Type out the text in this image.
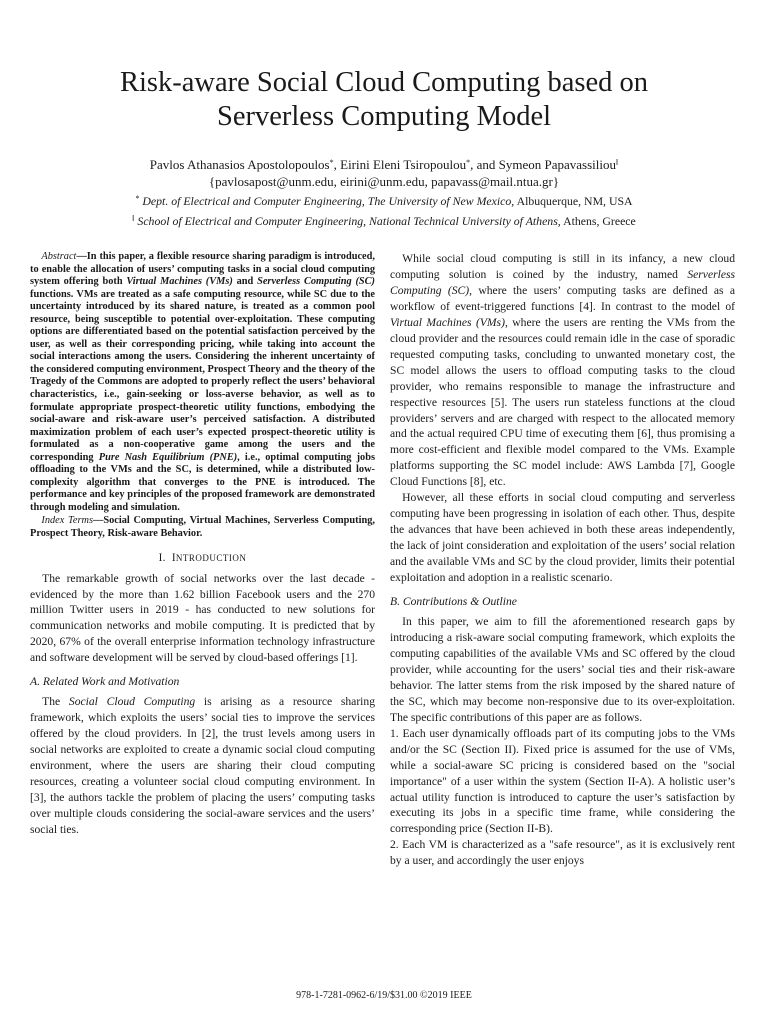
Risk-aware Social Cloud Computing based on
Serverless Computing Model
Pavlos Athanasios Apostolopoulos*, Eirini Eleni Tsiropoulou*, and Symeon Papavassiliou‖
{pavlosapost@unm.edu, eirini@unm.edu, papavass@mail.ntua.gr}
* Dept. of Electrical and Computer Engineering, The University of New Mexico, Albuquerque, NM, USA
‖ School of Electrical and Computer Engineering, National Technical University of Athens, Athens, Greece

Abstract—In this paper, a flexible resource sharing paradigm is introduced, to enable the allocation of users’ computing tasks in a social cloud computing system offering both Virtual Machines (VMs) and Serverless Computing (SC) functions. VMs are treated as a safe computing resource, while SC due to the uncertainty introduced by its shared nature, is treated as a common pool resource, being susceptible to potential over-exploitation. These computing options are differentiated based on the potential satisfaction perceived by the user, as well as their corresponding pricing, while taking into account the social interactions among the users. Considering the inherent uncertainty of the considered computing environment, Prospect Theory and the theory of the Tragedy of the Commons are adopted to properly reflect the users’ behavioral characteristics, i.e., gain-seeking or loss-averse behavior, as well as to formulate appropriate prospect-theoretic utility functions, embodying the social-aware and risk-aware user’s perceived satisfaction. A distributed maximization problem of each user’s expected prospect-theoretic utility is formulated as a non-cooperative game among the users and the corresponding Pure Nash Equilibrium (PNE), i.e., optimal computing jobs offloading to the VMs and the SC, is determined, while a distributed low-complexity algorithm that converges to the PNE is introduced. The performance and key principles of the proposed framework are demonstrated through modeling and simulation.

Index Terms—Social Computing, Virtual Machines, Serverless Computing, Prospect Theory, Risk-aware Behavior.

I. INTRODUCTION

The remarkable growth of social networks over the last decade - evidenced by the more than 1.62 billion Facebook users and the 270 million Twitter users in 2019 - has conducted to new solutions for communication networks and mobile computing. It is predicted that by 2020, 67% of the overall enterprise information technology infrastructure and software development will be served by cloud-based offerings [1].

A. Related Work and Motivation

The Social Cloud Computing is arising as a resource sharing framework, which exploits the users’ social ties to improve the services offered by the cloud providers. In [2], the trust levels among users in social networks are exploited to create a dynamic social cloud computing environment, where the users are sharing their cloud computing resources, creating a volunteer social cloud computing environment. In [3], the authors tackle the problem of placing the users’ computing tasks over multiple clouds considering the social-aware services and the users’ social ties.

While social cloud computing is still in its infancy, a new cloud computing solution is coined by the industry, named Serverless Computing (SC), where the users’ computing tasks are defined as a workflow of event-triggered functions [4]. In contrast to the model of Virtual Machines (VMs), where the users are renting the VMs from the cloud provider and the resources could remain idle in the case of sporadic requested computing tasks, concluding to unwanted monetary cost, the SC model allows the users to offload computing tasks to the cloud provider, who remains responsible to manage the infrastructure and respective resources [5]. The users run stateless functions at the cloud providers’ servers and are charged with respect to the allocated memory and the actual required CPU time of executing them [6], thus promising a more cost-efficient and flexible model compared to the VMs. Example platforms supporting the SC model include: AWS Lambda [7], Google Cloud Functions [8], etc.

However, all these efforts in social cloud computing and serverless computing have been progressing in isolation of each other. Thus, despite the advances that have been achieved in both these areas independently, the lack of joint consideration and exploitation of the users’ social relation and the available VMs and SC by the cloud provider, limits their potential exploitation and adoption in a realistic scenario.

B. Contributions & Outline

In this paper, we aim to fill the aforementioned research gaps by introducing a risk-aware social computing framework, which exploits the computing capabilities of the available VMs and SC offered by the cloud provider, while accounting for the users’ social ties and their risk-aware behavior. The latter stems from the risk imposed by the shared nature of the SC, which may become non-responsive due to its over-exploitation. The specific contributions of this paper are as follows.

1. Each user dynamically offloads part of its computing jobs to the VMs and/or the SC (Section II). Fixed price is assumed for the use of VMs, while a social-aware SC pricing is considered based on the "social importance" of a user within the system (Section II-A). A holistic user’s actual utility function is introduced to capture the user’s satisfaction by executing its jobs in a specific time frame, while considering the corresponding price (Section II-B).

2. Each VM is characterized as a "safe resource", as it is exclusively rent by a user, and accordingly the user enjoys

978-1-7281-0962-6/19/$31.00 ©2019 IEEE
